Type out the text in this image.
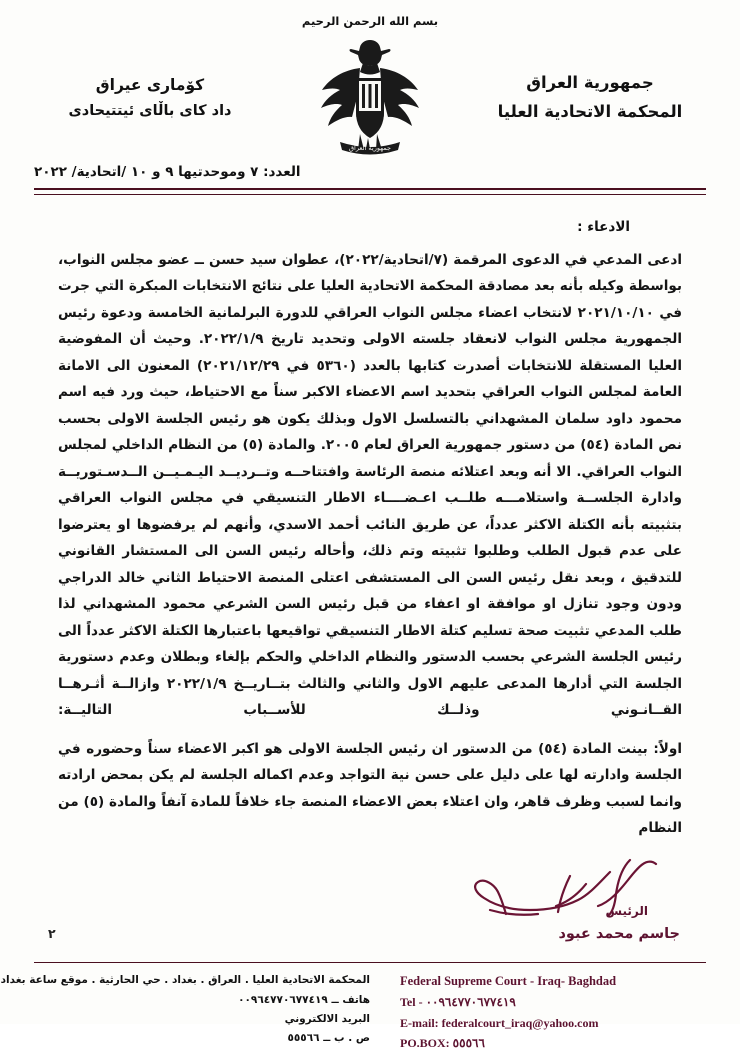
بسم الله الرحمن الرحيم
جمهورية العراق
المحكمة الاتحادية العليا
جمهورية العراق
كۆماری عیراق
داد كای باڵای ئیتتیحادی
العدد: ٧ وموحدتيها ٩ و ١٠ /اتحادية/ ٢٠٢٢
الادعاء :
ادعى المدعي في الدعوى المرقمة (٧/اتحادية/٢٠٢٢)، عطوان سيد حسن ــ عضو مجلس النواب، بواسطة وكيله بأنه بعد مصادقة المحكمة الاتحادية العليا على نتائج الانتخابات المبكرة التي جرت في ٢٠٢١/١٠/١٠ لانتخاب اعضاء مجلس النواب العراقي للدورة البرلمانية الخامسة ودعوة رئيس الجمهورية مجلس النواب لانعقاد جلسته الاولى وتحديد تاريخ ٢٠٢٢/١/٩. وحيث أن المفوضية العليا المستقلة للانتخابات أصدرت كتابها بالعدد (٥٣٦٠ في ٢٠٢١/١٢/٢٩) المعنون الى الامانة العامة لمجلس النواب العراقي بتحديد اسم الاعضاء الاكبر سناً مع الاحتياط، حيث ورد فيه اسم محمود داود سلمان المشهداني بالتسلسل الاول وبذلك يكون هو رئيس الجلسة الاولى بحسب نص المادة (٥٤) من دستور جمهورية العراق لعام ٢٠٠٥. والمادة (٥) من النظام الداخلي لمجلس النواب العراقي. الا أنه وبعد اعتلائه منصة الرئاسة وافتتاحــه وتــرديــد اليـمـيــن الــدسـتوريــة وادارة الجلســة واستلامـــه طلــب اعـضــــاء الاطار التنسيقي في مجلس النواب العراقي بتثبيته بأنه الكتلة الاكثر عدداً، عن طريق النائب أحمد الاسدي، وأنهم لم يرفضوها او يعترضوا على عدم قبول الطلب وطلبوا تثبيته وتم ذلك، وأحاله رئيس السن الى المستشار القانوني للتدقيق ، وبعد نقل رئيس السن الى المستشفى اعتلى المنصة الاحتياط الثاني خالد الدراجي ودون وجود تنازل او موافقة او اعفاء من قبل رئيس السن الشرعي محمود المشهداني لذا طلب المدعي تثبيت صحة تسليم كتلة الاطار التنسيقي تواقيعها باعتبارها الكتلة الاكثر عدداً الى رئيس الجلسة الشرعي بحسب الدستور والنظام الداخلي والحكم بإلغاء وبطلان وعدم دستورية الجلسة التي أدارها المدعى عليهم الاول والثاني والثالث بتــاريــخ ٢٠٢٢/١/٩ وازالــة أثـرهــا القــانـوني وذلــك للأســباب التاليــة:
اولاً: بينت المادة (٥٤) من الدستور ان رئيس الجلسة الاولى هو اكبر الاعضاء سناً وحضوره في الجلسة وادارته لها على دليل على حسن نية التواجد وعدم اكماله الجلسة لم يكن بمحض ارادته وانما لسبب وظرف قاهر، وان اعتلاء بعض الاعضاء المنصة جاء خلافاً للمادة آنفاً والمادة (٥) من النظام
الرئيس
جاسم محمد عبود
٢
المحكمة الاتحادية العليا . العراق . بغداد . حي الحارثية . موقع ساعة بغداد
هاتف ــ ٠٠٩٦٤٧٧٠٦٧٧٤١٩
البريد الالكتروني
ص . ب ــ ٥٥٥٦٦
Federal Supreme Court - Iraq- Baghdad
Tel - ٠٠٩٦٤٧٧٠٦٧٧٤١٩
E-mail: federalcourt_iraq@yahoo.com
PO.BOX: ٥٥٥٦٦
